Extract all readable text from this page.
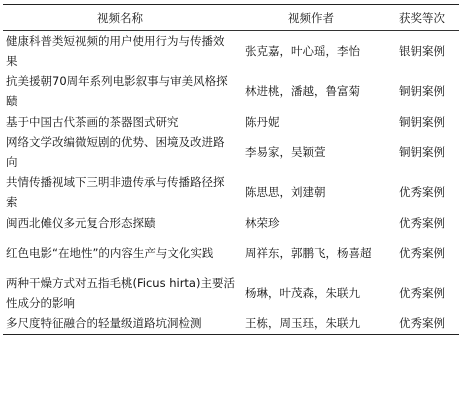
视频名称	视频作者	获奖等次
健康科普类短视频的用户使用行为与传播效果	张克嘉，叶心瑶，李怡	银钥案例
抗美援朝70周年系列电影叙事与审美风格探赜	林进桃，潘越，鲁富菊	铜钥案例
基于中国古代茶画的茶器图式研究	陈丹妮	铜钥案例
网络文学改编微短剧的优势、困境及改进路向	李易家，吴颖萱	铜钥案例
共情传播视域下三明非遗传承与传播路径探索	陈思思，刘建朝	优秀案例
闽西北傩仪多元复合形态探赜	林荣珍	优秀案例
红色电影“在地性”的内容生产与文化实践	周祥东，郭鹏飞，杨喜超	优秀案例
两种干燥方式对五指毛桃(Ficus hirta)主要活性成分的影响	杨琳，叶茂森，朱联九	优秀案例
多尺度特征融合的轻量级道路坑洞检测	王栋，周玉珏，朱联九	优秀案例
